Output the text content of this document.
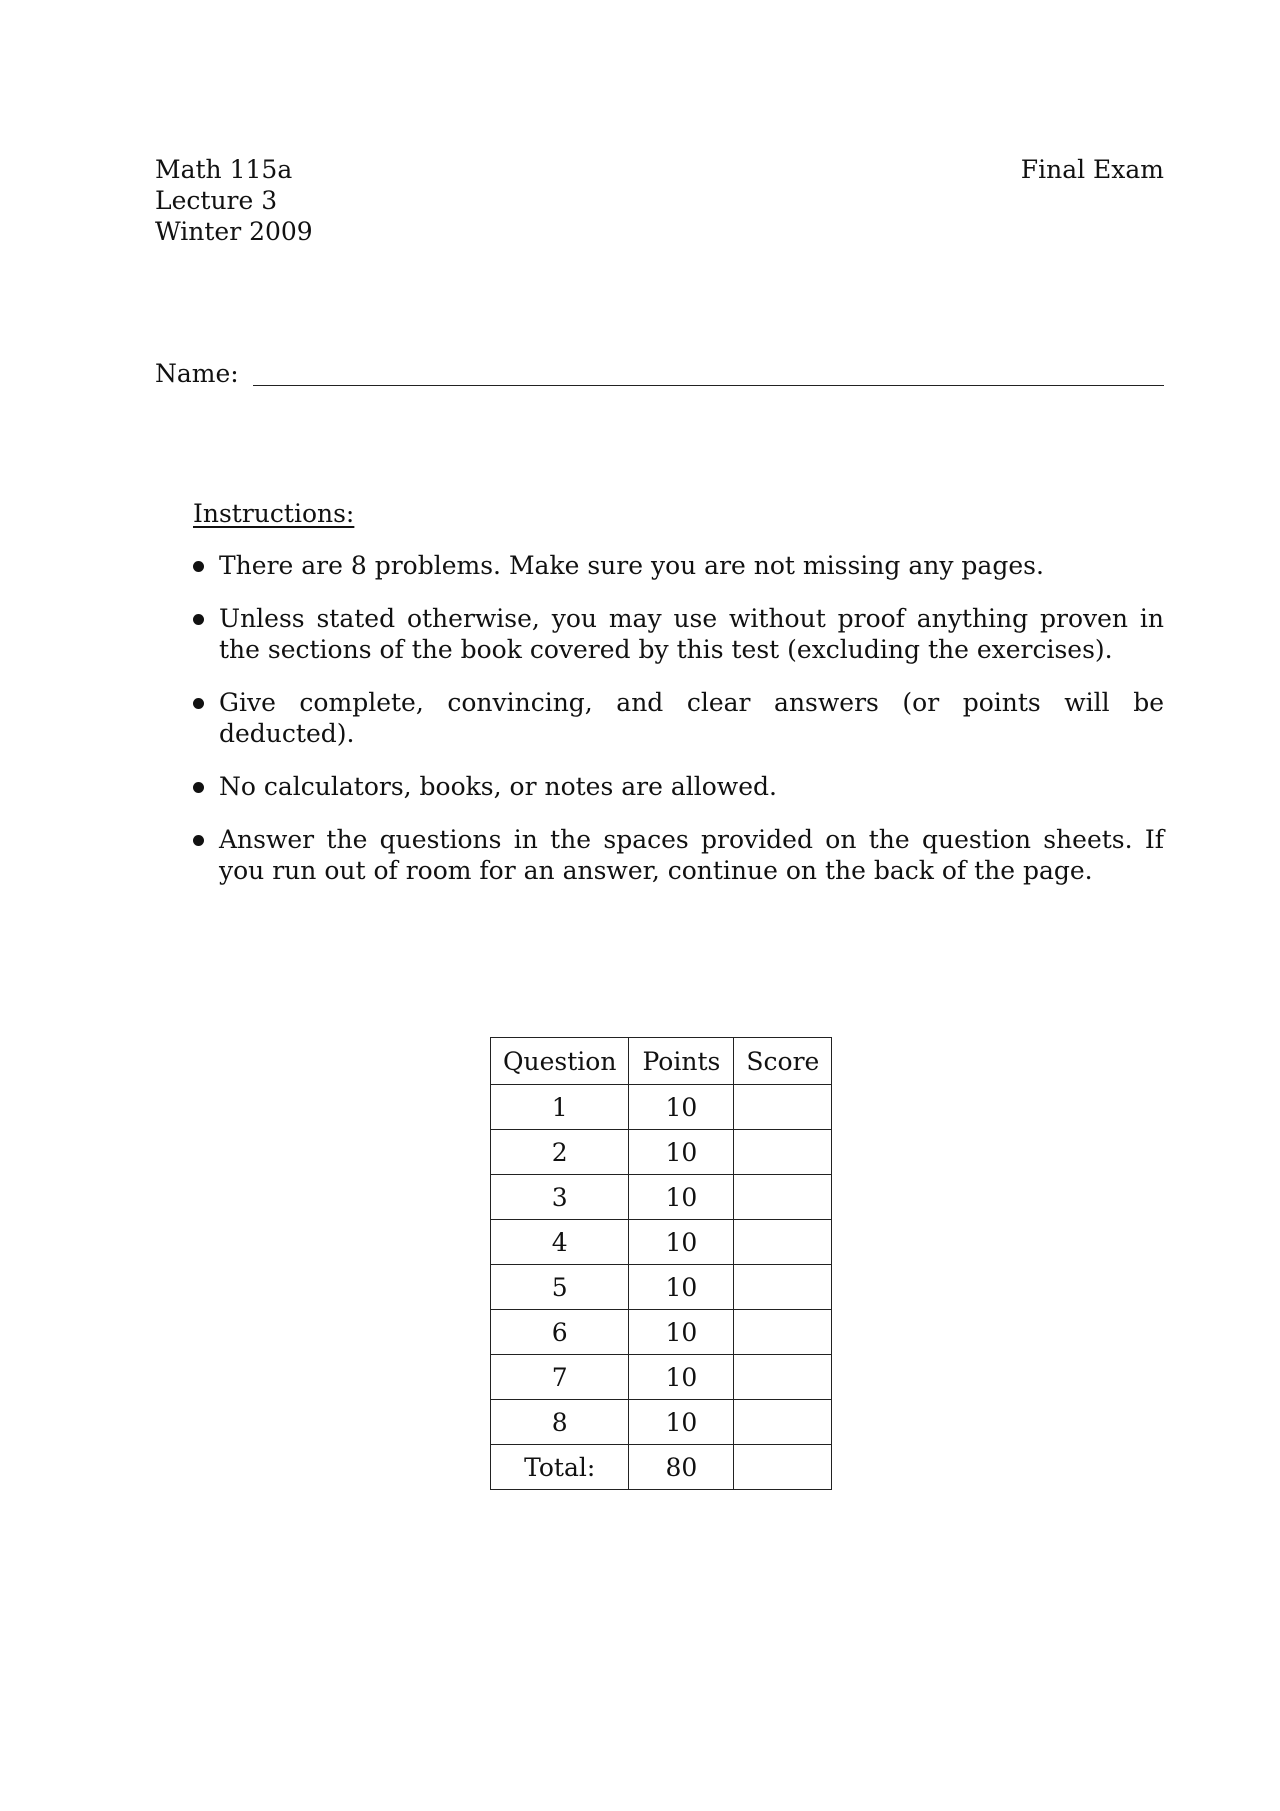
Math 115a
Lecture 3
Winter 2009
Final Exam
Name:
Instructions:
There are 8 problems. Make sure you are not missing any pages.
Unless stated otherwise, you may use without proof anything proven in the sections of the book covered by this test (excluding the exercises).
Give complete, convincing, and clear answers (or points will be deducted).
No calculators, books, or notes are allowed.
Answer the questions in the spaces provided on the question sheets. If you run out of room for an answer, continue on the back of the page.
Question	Points	Score
1	10	
2	10	
3	10	
4	10	
5	10	
6	10	
7	10	
8	10	
Total:	80	
